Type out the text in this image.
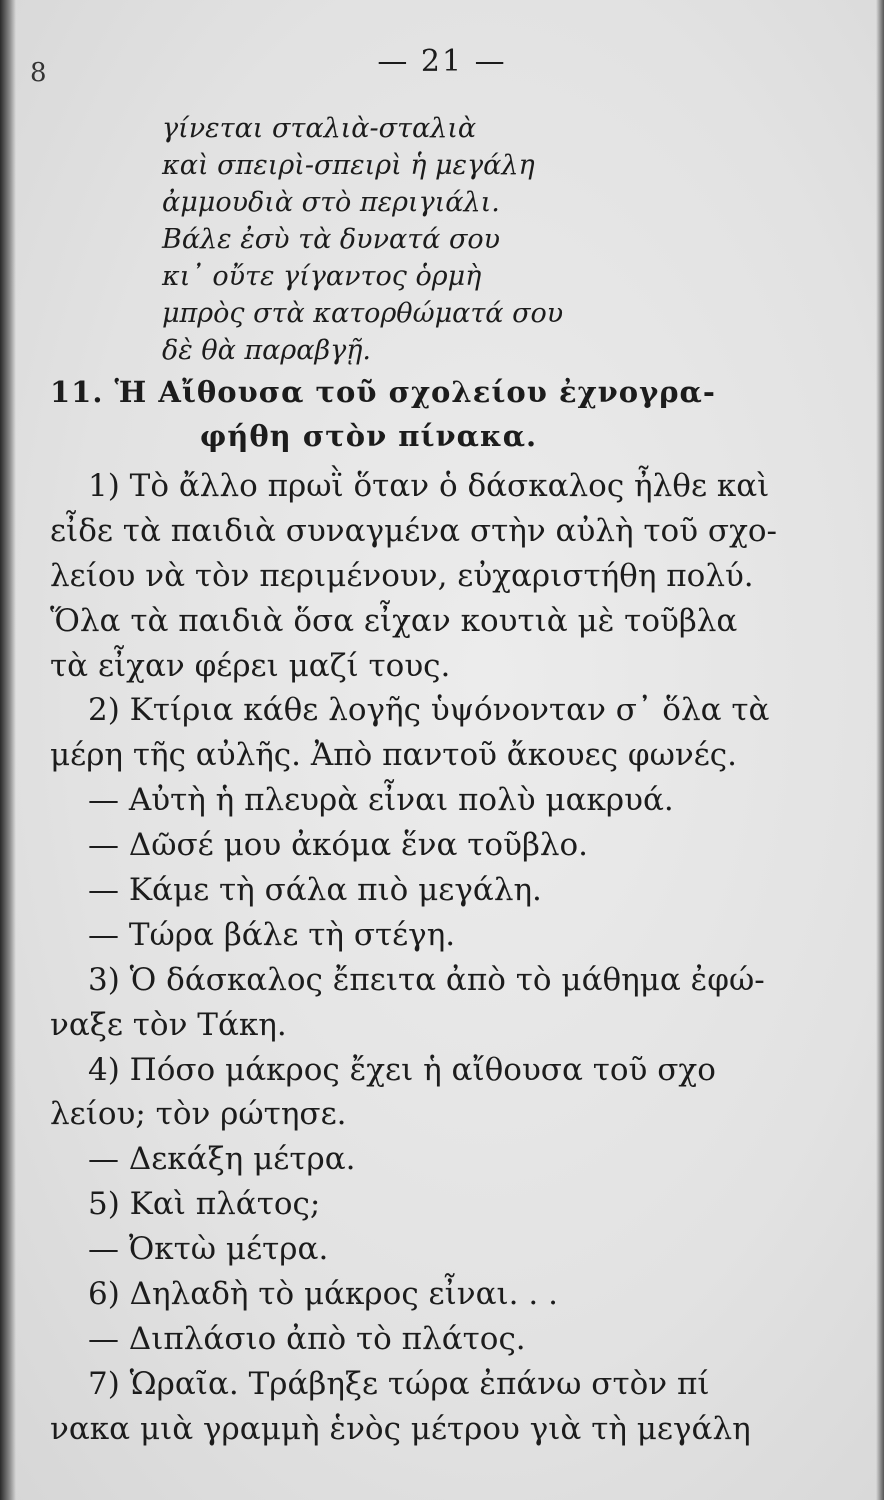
8	— 21 —
γίνεται σταλιὰ-σταλιὰ
καὶ σπειρὶ-σπειρὶ ἡ μεγάλη
ἀμμουδιὰ στὸ περιγιάλι.
Βάλε ἐσὺ τὰ δυνατά σου
κι᾿ οὔτε γίγαντος ὁρμὴ
μπρὸς στὰ κατορθώματά σου
δὲ θὰ παραβγῇ.
11. Ἡ Αἴθουσα τοῦ σχολείου ἐχνογρα-
φήθη στὸν πίνακα.
1) Τὸ ἄλλο πρωῒ ὅταν ὁ δάσκαλος ἦλθε καὶ
εἶδε τὰ παιδιὰ συναγμένα στὴν αὐλὴ τοῦ σχο-
λείου νὰ τὸν περιμένουν, εὐχαριστήθη πολύ.
Ὅλα τὰ παιδιὰ ὅσα εἶχαν κουτιὰ μὲ τοῦβλα
τὰ εἶχαν φέρει μαζί τους.
2) Κτίρια κάθε λογῆς ὑψόνονταν σ᾿ ὅλα τὰ
μέρη τῆς αὐλῆς. Ἀπὸ παντοῦ ἄκουες φωνές.
— Αὐτὴ ἡ πλευρὰ εἶναι πολὺ μακρυά.
— Δῶσέ μου ἀκόμα ἕνα τοῦβλο.
— Κάμε τὴ σάλα πιὸ μεγάλη.
— Τώρα βάλε τὴ στέγη.
3) Ὁ δάσκαλος ἔπειτα ἀπὸ τὸ μάθημα ἐφώ-
ναξε τὸν Τάκη.
4) Πόσο μάκρος ἔχει ἡ αἴθουσα τοῦ σχο
λείου; τὸν ρώτησε.
— Δεκάξη μέτρα.
5) Καὶ πλάτος;
— Ὀκτὼ μέτρα.
6) Δηλαδὴ τὸ μάκρος εἶναι. . .
— Διπλάσιο ἀπὸ τὸ πλάτος.
7) Ὡραῖα. Τράβηξε τώρα ἐπάνω στὸν πί
νακα μιὰ γραμμὴ ἑνὸς μέτρου γιὰ τὴ μεγάλη
